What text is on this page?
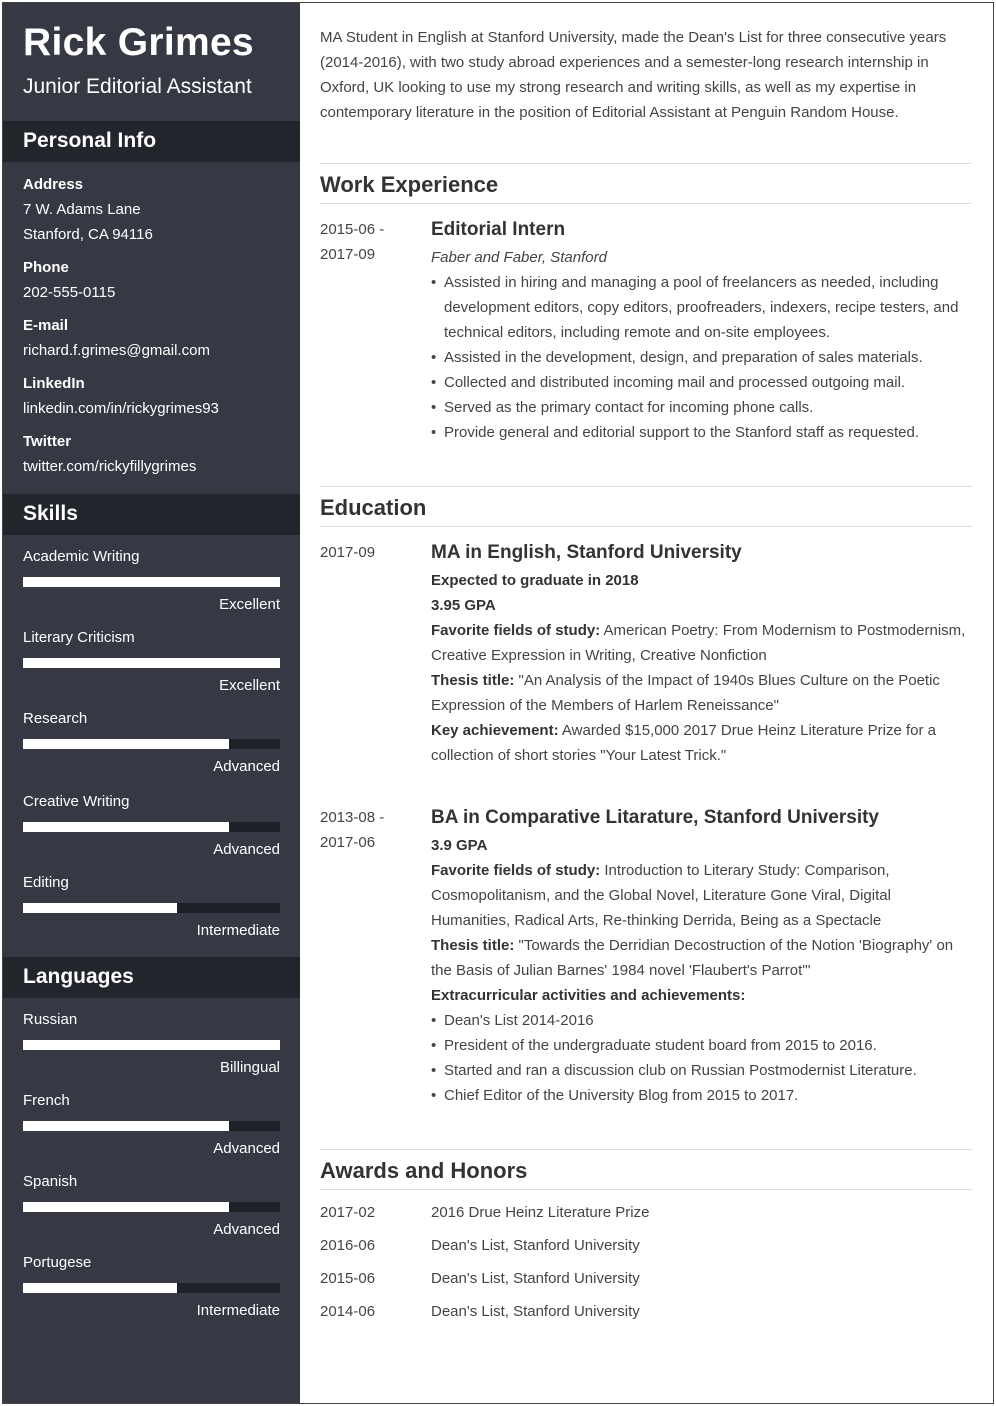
Rick Grimes
Junior Editorial Assistant
Personal Info
Address
7 W. Adams Lane
Stanford, CA 94116
Phone
202-555-0115
E-mail
richard.f.grimes@gmail.com
LinkedIn
linkedin.com/in/rickygrimes93
Twitter
twitter.com/rickyfillygrimes
Skills
Academic Writing
Excellent
Literary Criticism
Excellent
Research
Advanced
Creative Writing
Advanced
Editing
Intermediate
Languages
Russian
Billingual
French
Advanced
Spanish
Advanced
Portugese
Intermediate
MA Student in English at Stanford University, made the Dean's List for three consecutive years (2014-2016), with two study abroad experiences and a semester-long research internship in Oxford, UK looking to use my strong research and writing skills, as well as my expertise in contemporary literature in the position of Editorial Assistant at Penguin Random House.
Work Experience
2015-06 -
2017-09
Editorial Intern
Faber and Faber, Stanford
• Assisted in hiring and managing a pool of freelancers as needed, including development editors, copy editors, proofreaders, indexers, recipe testers, and technical editors, including remote and on-site employees.
• Assisted in the development, design, and preparation of sales materials.
• Collected and distributed incoming mail and processed outgoing mail.
• Served as the primary contact for incoming phone calls.
• Provide general and editorial support to the Stanford staff as requested.
Education
2017-09	MA in English, Stanford University
Expected to graduate in 2018
3.95 GPA
Favorite fields of study: American Poetry: From Modernism to Postmodernism, Creative Expression in Writing, Creative Nonfiction
Thesis title: "An Analysis of the Impact of 1940s Blues Culture on the Poetic Expression of the Members of Harlem Reneissance"
Key achievement: Awarded $15,000 2017 Drue Heinz Literature Prize for a collection of short stories "Your Latest Trick."
2013-08 -
2017-06
BA in Comparative Litarature, Stanford University
3.9 GPA
Favorite fields of study: Introduction to Literary Study: Comparison, Cosmopolitanism, and the Global Novel, Literature Gone Viral, Digital Humanities, Radical Arts, Re-thinking Derrida, Being as a Spectacle
Thesis title: "Towards the Derridian Decostruction of the Notion 'Biography' on the Basis of Julian Barnes' 1984 novel 'Flaubert's Parrot'"
Extracurricular activities and achievements:
• Dean's List 2014-2016
• President of the undergraduate student board from 2015 to 2016.
• Started and ran a discussion club on Russian Postmodernist Literature.
• Chief Editor of the University Blog from 2015 to 2017.
Awards and Honors
2017-02	2016 Drue Heinz Literature Prize
2016-06	Dean's List, Stanford University
2015-06	Dean's List, Stanford University
2014-06	Dean's List, Stanford University
